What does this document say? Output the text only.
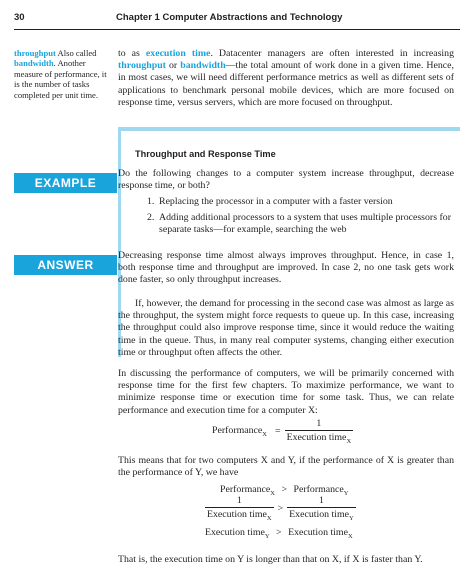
30	Chapter 1 Computer Abstractions and Technology
throughput Also called bandwidth. Another measure of performance, it is the number of tasks completed per unit time.

to as execution time. Datacenter managers are often interested in increasing throughput or bandwidth—the total amount of work done in a given time. Hence, in most cases, we will need different performance metrics as well as different sets of applications to benchmark personal mobile devices, which are more focused on response time, versus servers, which are more focused on throughput.

Throughput and Response Time
EXAMPLE
ANSWER

Do the following changes to a computer system increase throughput, decrease response time, or both?

1. Replacing the processor in a computer with a faster version
2. Adding additional processors to a system that uses multiple processors for separate tasks—for example, searching the web

Decreasing response time almost always improves throughput. Hence, in case 1, both response time and throughput are improved. In case 2, no one task gets work done faster, so only throughput increases.

If, however, the demand for processing in the second case was almost as large as the throughput, the system might force requests to queue up. In this case, increasing the throughput could also improve response time, since it would reduce the waiting time in the queue. Thus, in many real computer systems, changing either execution time or throughput often affects the other.

In discussing the performance of computers, we will be primarily concerned with response time for the first few chapters. To maximize performance, we want to minimize response time or execution time for some task. Thus, we can relate performance and execution time for a computer X:

Performance$_X$ = $\frac{1}{Execution time_X}$

This means that for two computers X and Y, if the performance of X is greater than the performance of Y, we have

Performance$_X$ > Performance$_Y$
$\frac{1}{Execution time_X} > \frac{1}{Execution time_Y}$
Execution time$_Y$ > Execution time$_X$

That is, the execution time on Y is longer than that on X, if X is faster than Y.
